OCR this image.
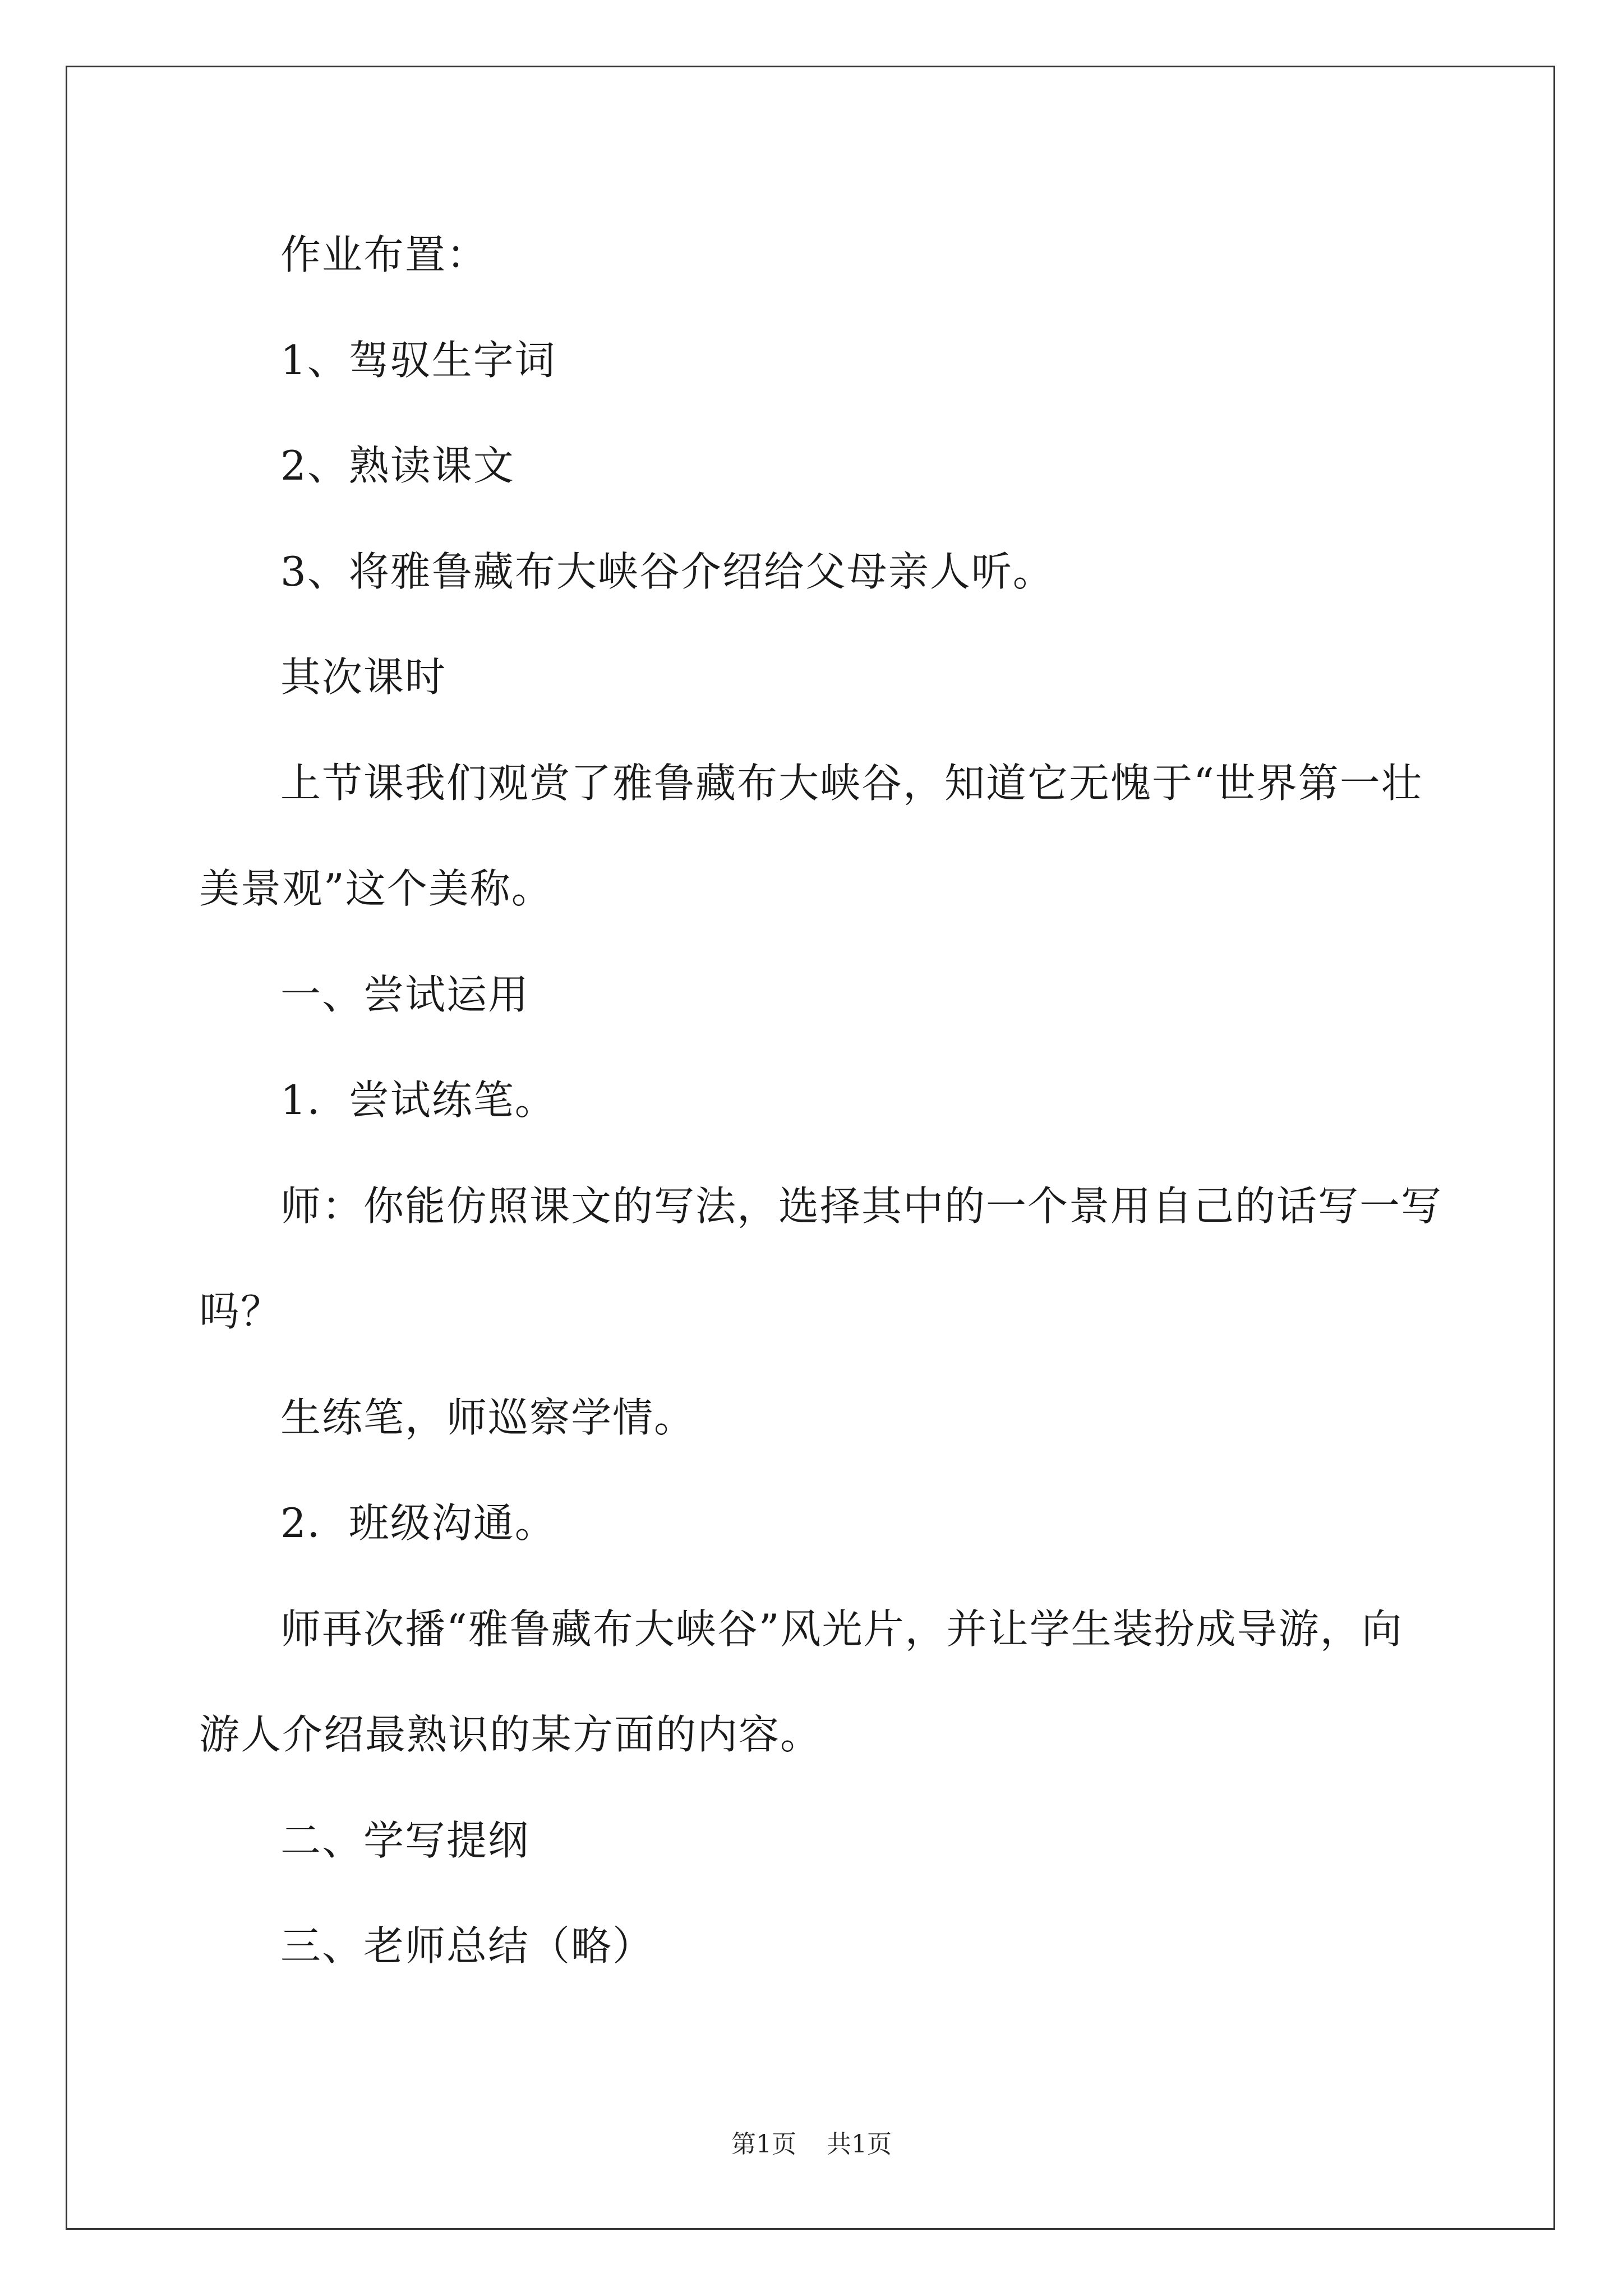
作业布置：

1、驾驭生字词

2、熟读课文

3、将雅鲁藏布大峡谷介绍给父母亲人听。

其次课时

上节课我们观赏了雅鲁藏布大峡谷，知道它无愧于“世界第一壮

美景观”这个美称。

一、尝试运用

1．尝试练笔。

师：你能仿照课文的写法，选择其中的一个景用自己的话写一写

吗？

生练笔，师巡察学情。

2．班级沟通。

师再次播“雅鲁藏布大峡谷”风光片，并让学生装扮成导游，向

游人介绍最熟识的某方面的内容。

二、学写提纲

三、老师总结（略）

第1页 共1页
